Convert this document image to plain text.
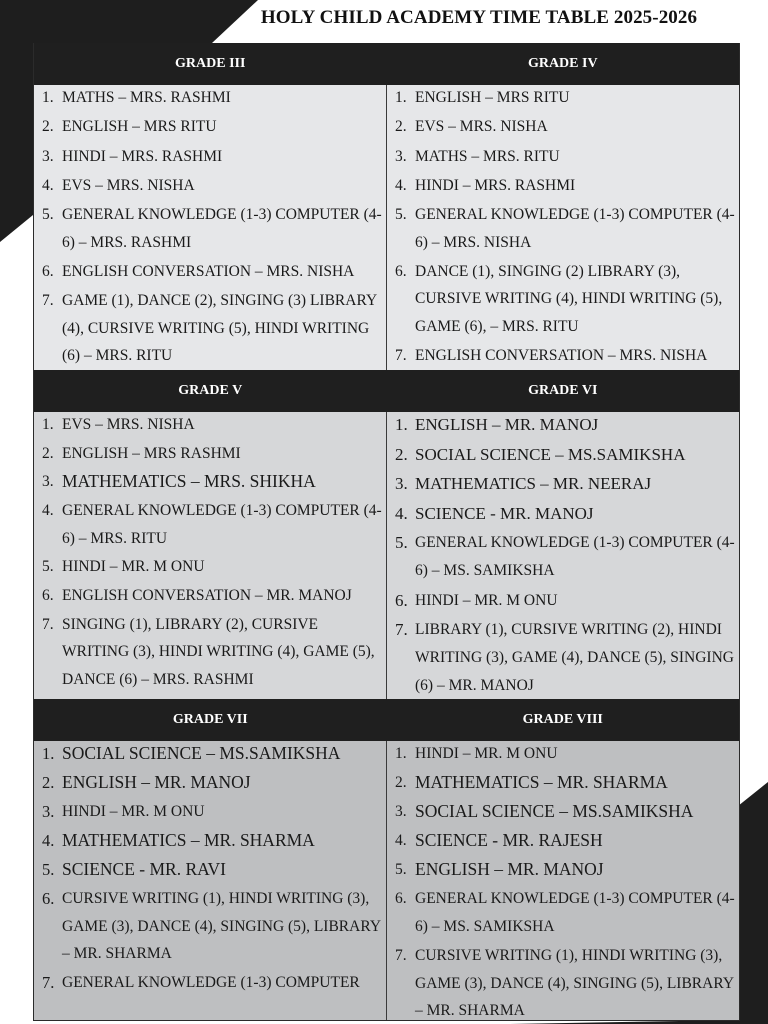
HOLY CHILD ACADEMY TIME TABLE 2025-2026
GRADE III	GRADE IV
1. MATHS – MRS. RASHMI
2. ENGLISH – MRS RITU
3. HINDI – MRS. RASHMI
4. EVS – MRS. NISHA
5. GENERAL KNOWLEDGE (1-3) COMPUTER (4-6) – MRS. RASHMI
6. ENGLISH CONVERSATION – MRS. NISHA
7. GAME (1), DANCE (2), SINGING (3) LIBRARY (4), CURSIVE WRITING (5), HINDI WRITING (6) – MRS. RITU
1. ENGLISH – MRS RITU
2. EVS – MRS. NISHA
3. MATHS – MRS. RITU
4. HINDI – MRS. RASHMI
5. GENERAL KNOWLEDGE (1-3) COMPUTER (4-6) – MRS. NISHA
6. DANCE (1), SINGING (2) LIBRARY (3), CURSIVE WRITING (4), HINDI WRITING (5), GAME (6), – MRS. RITU
7. ENGLISH CONVERSATION – MRS. NISHA
GRADE V	GRADE VI
1. EVS – MRS. NISHA
2. ENGLISH – MRS RASHMI
3. MATHEMATICS – MRS. SHIKHA
4. GENERAL KNOWLEDGE (1-3) COMPUTER (4-6) – MRS. RITU
5. HINDI – MR. M ONU
6. ENGLISH CONVERSATION – MR. MANOJ
7. SINGING (1), LIBRARY (2), CURSIVE WRITING (3), HINDI WRITING (4), GAME (5), DANCE (6) – MRS. RASHMI
1. ENGLISH – MR. MANOJ
2. SOCIAL SCIENCE – MS.SAMIKSHA
3. MATHEMATICS – MR. NEERAJ
4. SCIENCE - MR. MANOJ
5. GENERAL KNOWLEDGE (1-3) COMPUTER (4-6) – MS. SAMIKSHA
6. HINDI – MR. M ONU
7. LIBRARY (1), CURSIVE WRITING (2), HINDI WRITING (3), GAME (4), DANCE (5), SINGING (6) – MR. MANOJ
GRADE VII	GRADE VIII
1. SOCIAL SCIENCE – MS.SAMIKSHA
2. ENGLISH – MR. MANOJ
3. HINDI – MR. M ONU
4. MATHEMATICS – MR. SHARMA
5. SCIENCE - MR. RAVI
6. CURSIVE WRITING (1), HINDI WRITING (3), GAME (3), DANCE (4), SINGING (5), LIBRARY – MR. SHARMA
7. GENERAL KNOWLEDGE (1-3) COMPUTER
1. HINDI – MR. M ONU
2. MATHEMATICS – MR. SHARMA
3. SOCIAL SCIENCE – MS.SAMIKSHA
4. SCIENCE - MR. RAJESH
5. ENGLISH – MR. MANOJ
6. GENERAL KNOWLEDGE (1-3) COMPUTER (4-6) – MS. SAMIKSHA
7. CURSIVE WRITING (1), HINDI WRITING (3), GAME (3), DANCE (4), SINGING (5), LIBRARY – MR. SHARMA
